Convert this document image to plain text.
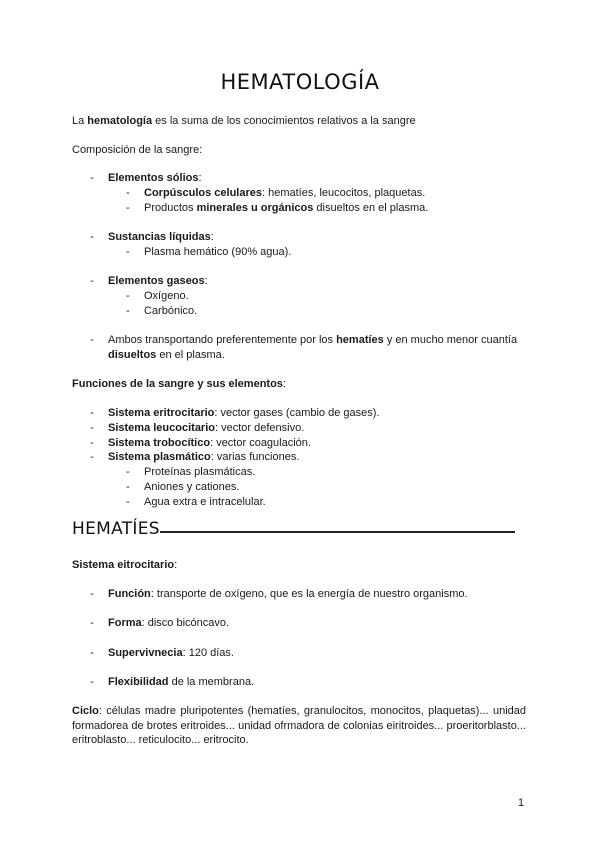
HEMATOLOGÍA
La hematología es la suma de los conocimientos relativos a la sangre
Composición de la sangre:
- Elementos sólios:
- Corpúsculos celulares: hematíes, leucocitos, plaquetas.
- Productos minerales u orgánicos disueltos en el plasma.
- Sustancias líquidas:
- Plasma hemático (90% agua).
- Elementos gaseos:
- Oxígeno.
- Carbónico.
- Ambos transportando preferentemente por los hematíes y en mucho menor cuantía
disueltos en el plasma.
Funciones de la sangre y sus elementos:
- Sistema eritrocitario: vector gases (cambio de gases).
- Sistema leucocitario: vector defensivo.
- Sistema trobocítico: vector coagulación.
- Sistema plasmático: varias funciones.
- Proteínas plasmáticas.
- Aniones y cationes.
- Agua extra e intracelular.
HEMATÍES
Sistema eitrocitario:
- Función: transporte de oxígeno, que es la energía de nuestro organismo.
- Forma: disco bicóncavo.
- Supervivnecia: 120 días.
- Flexibilidad de la membrana.
Ciclo: células madre pluripotentes (hematíes, granulocitos, monocitos, plaquetas)... unidad formadorea de brotes eritroides... unidad ofrmadora de colonias eiritroides... proeritorblasto... eritroblasto... reticulocito... eritrocito.
1
